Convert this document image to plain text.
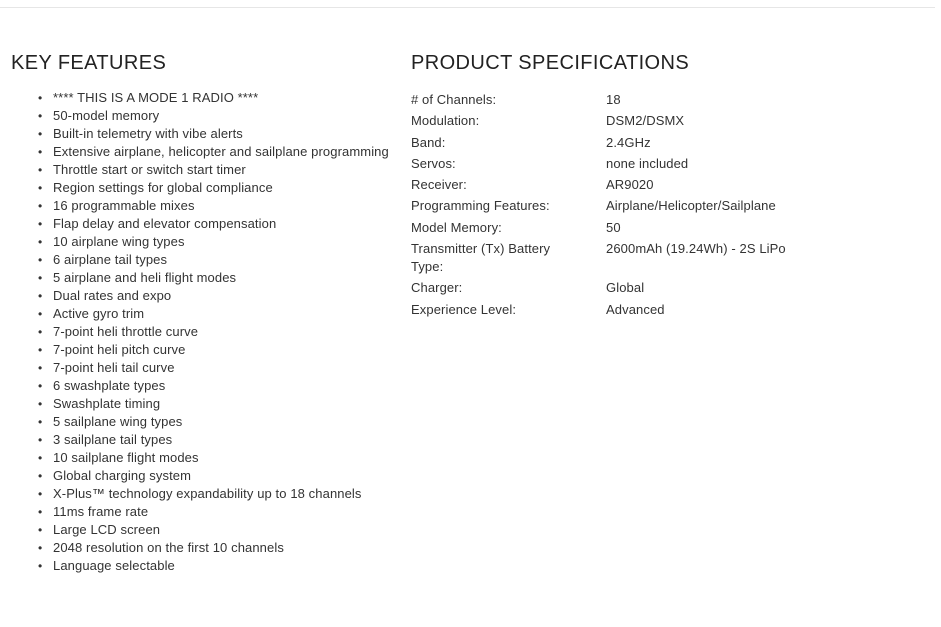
KEY FEATURES
• **** THIS IS A MODE 1 RADIO ****
• 50-model memory
• Built-in telemetry with vibe alerts
• Extensive airplane, helicopter and sailplane programming
• Throttle start or switch start timer
• Region settings for global compliance
• 16 programmable mixes
• Flap delay and elevator compensation
• 10 airplane wing types
• 6 airplane tail types
• 5 airplane and heli flight modes
• Dual rates and expo
• Active gyro trim
• 7-point heli throttle curve
• 7-point heli pitch curve
• 7-point heli tail curve
• 6 swashplate types
• Swashplate timing
• 5 sailplane wing types
• 3 sailplane tail types
• 10 sailplane flight modes
• Global charging system
• X-Plus™ technology expandability up to 18 channels
• 11ms frame rate
• Large LCD screen
• 2048 resolution on the first 10 channels
• Language selectable
PRODUCT SPECIFICATIONS
# of Channels:	18
Modulation:	DSM2/DSMX
Band:	2.4GHz
Servos:	none included
Receiver:	AR9020
Programming Features:	Airplane/Helicopter/Sailplane
Model Memory:	50
Transmitter (Tx) Battery Type:
2600mAh (19.24Wh) - 2S LiPo
Charger:	Global
Experience Level:	Advanced
